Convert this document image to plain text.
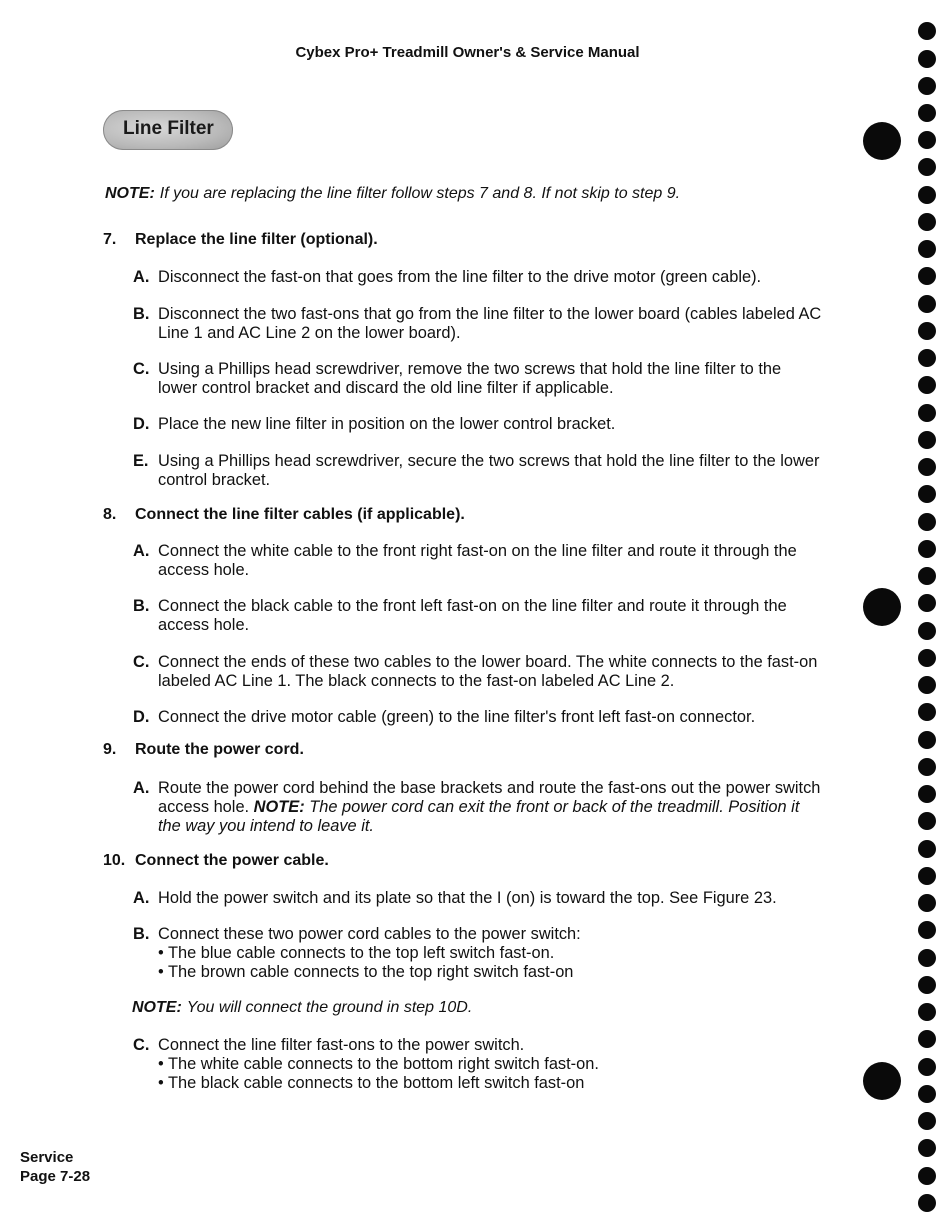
Cybex Pro+ Treadmill Owner's & Service Manual
Line Filter
NOTE: If you are replacing the line filter follow steps 7 and 8. If not skip to step 9.
7. Replace the line filter (optional).
A. Disconnect the fast-on that goes from the line filter to the drive motor (green cable).
B. Disconnect the two fast-ons that go from the line filter to the lower board (cables labeled AC Line 1 and AC Line 2 on the lower board).
C. Using a Phillips head screwdriver, remove the two screws that hold the line filter to the lower control bracket and discard the old line filter if applicable.
D. Place the new line filter in position on the lower control bracket.
E. Using a Phillips head screwdriver, secure the two screws that hold the line filter to the lower control bracket.
8. Connect the line filter cables (if applicable).
A. Connect the white cable to the front right fast-on on the line filter and route it through the access hole.
B. Connect the black cable to the front left fast-on on the line filter and route it through the access hole.
C. Connect the ends of these two cables to the lower board. The white connects to the fast-on labeled AC Line 1. The black connects to the fast-on labeled AC Line 2.
D. Connect the drive motor cable (green) to the line filter's front left fast-on connector.
9. Route the power cord.
A. Route the power cord behind the base brackets and route the fast-ons out the power switch access hole. NOTE: The power cord can exit the front or back of the treadmill. Position it the way you intend to leave it.
10. Connect the power cable.
A. Hold the power switch and its plate so that the I (on) is toward the top. See Figure 23.
B. Connect these two power cord cables to the power switch:
• The blue cable connects to the top left switch fast-on.
• The brown cable connects to the top right switch fast-on
NOTE: You will connect the ground in step 10D.
C. Connect the line filter fast-ons to the power switch.
• The white cable connects to the bottom right switch fast-on.
• The black cable connects to the bottom left switch fast-on
Service
Page 7-28
